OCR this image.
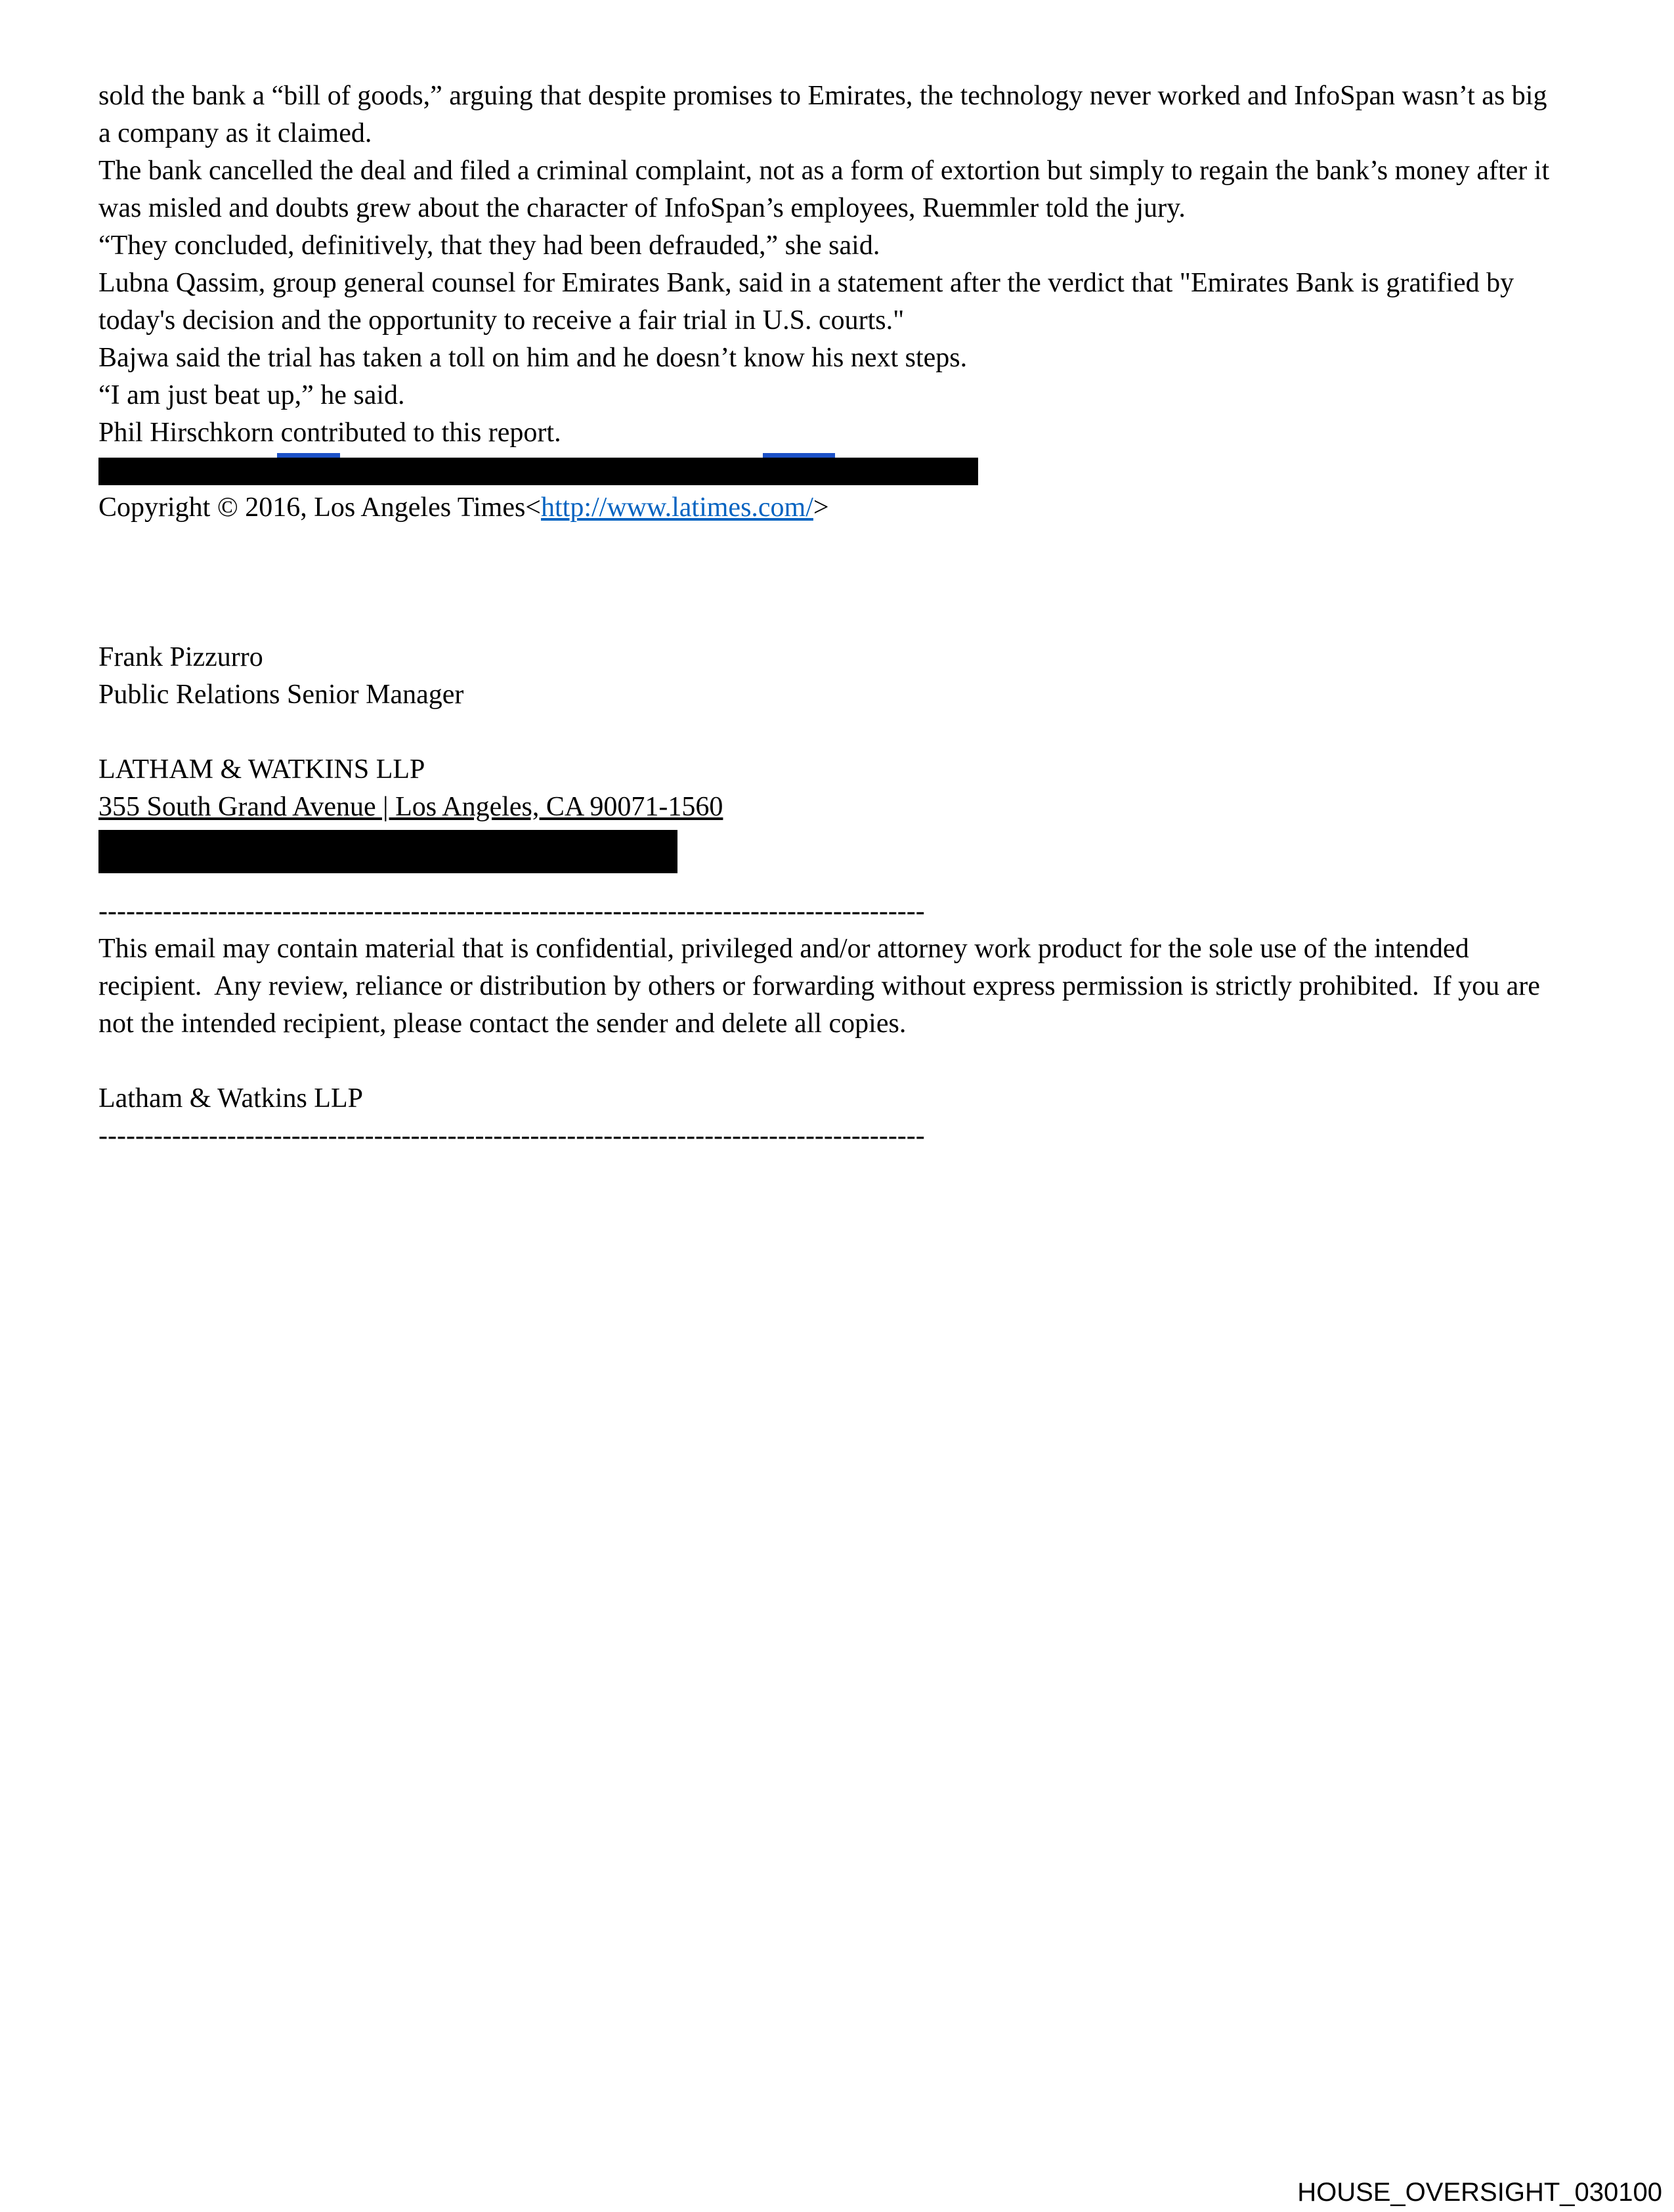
sold the bank a “bill of goods,” arguing that despite promises to Emirates, the technology never worked and InfoSpan wasn’t as big a company as it claimed.

The bank cancelled the deal and filed a criminal complaint, not as a form of extortion but simply to regain the bank’s money after it was misled and doubts grew about the character of InfoSpan’s employees, Ruemmler told the jury.

“They concluded, definitively, that they had been defrauded,” she said.

Lubna Qassim, group general counsel for Emirates Bank, said in a statement after the verdict that "Emirates Bank is gratified by today's decision and the opportunity to receive a fair trial in U.S. courts."

Bajwa said the trial has taken a toll on him and he doesn’t know his next steps.

“I am just beat up,” he said.

Phil Hirschkorn contributed to this report.

Copyright © 2016, Los Angeles Times<http://www.latimes.com/>

Frank Pizzurro

Public Relations Senior Manager

LATHAM & WATKINS LLP

355 South Grand Avenue | Los Angeles, CA 90071-1560

------------------------------------------------------------------------------------------

This email may contain material that is confidential, privileged and/or attorney work product for the sole use of the intended recipient.  Any review, reliance or distribution by others or forwarding without express permission is strictly prohibited.  If you are not the intended recipient, please contact the sender and delete all copies.

Latham & Watkins LLP

------------------------------------------------------------------------------------------

HOUSE_OVERSIGHT_030100
